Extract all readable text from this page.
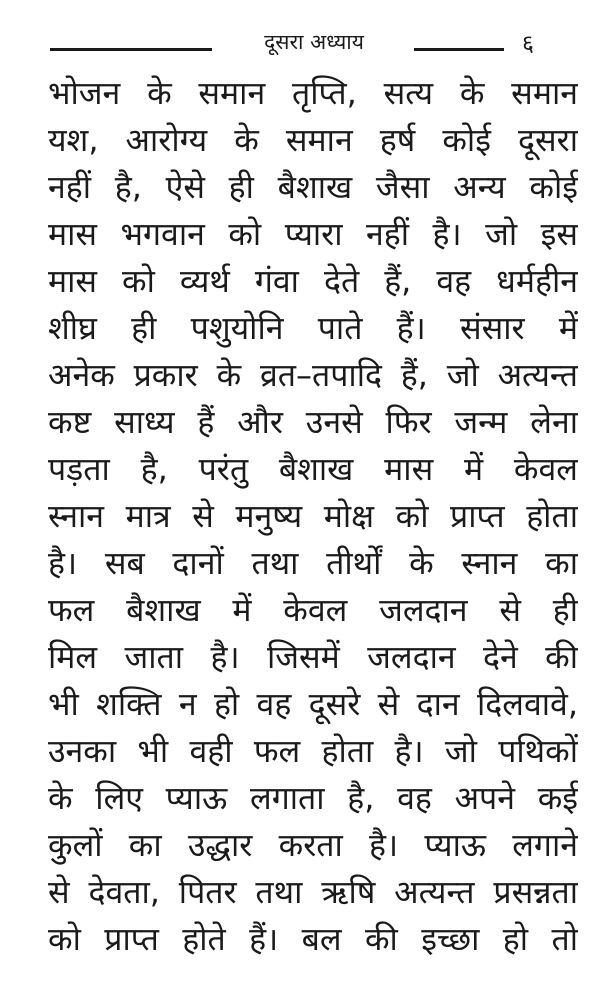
दूसरा अध्याय	६
भोजन के समान तृप्ति, सत्य के समान
यश, आरोग्य के समान हर्ष कोई दूसरा
नहीं है, ऐसे ही बैशाख जैसा अन्य कोई
मास भगवान को प्यारा नहीं है। जो इस
मास को व्यर्थ गंवा देते हैं, वह धर्महीन
शीघ्र ही पशुयोनि पाते हैं। संसार में
अनेक प्रकार के व्रत–तपादि हैं, जो अत्यन्त
कष्ट साध्य हैं और उनसे फिर जन्म लेना
पड़ता है, परंतु बैशाख मास में केवल
स्नान मात्र से मनुष्य मोक्ष को प्राप्त होता
है। सब दानों तथा तीर्थों के स्नान का
फल बैशाख में केवल जलदान से ही
मिल जाता है। जिसमें जलदान देने की
भी शक्ति न हो वह दूसरे से दान दिलवावे,
उनका भी वही फल होता है। जो पथिकों
के लिए प्याऊ लगाता है, वह अपने कई
कुलों का उद्धार करता है। प्याऊ लगाने
से देवता, पितर तथा ऋषि अत्यन्त प्रसन्नता
को प्राप्त होते हैं। बल की इच्छा हो तो
